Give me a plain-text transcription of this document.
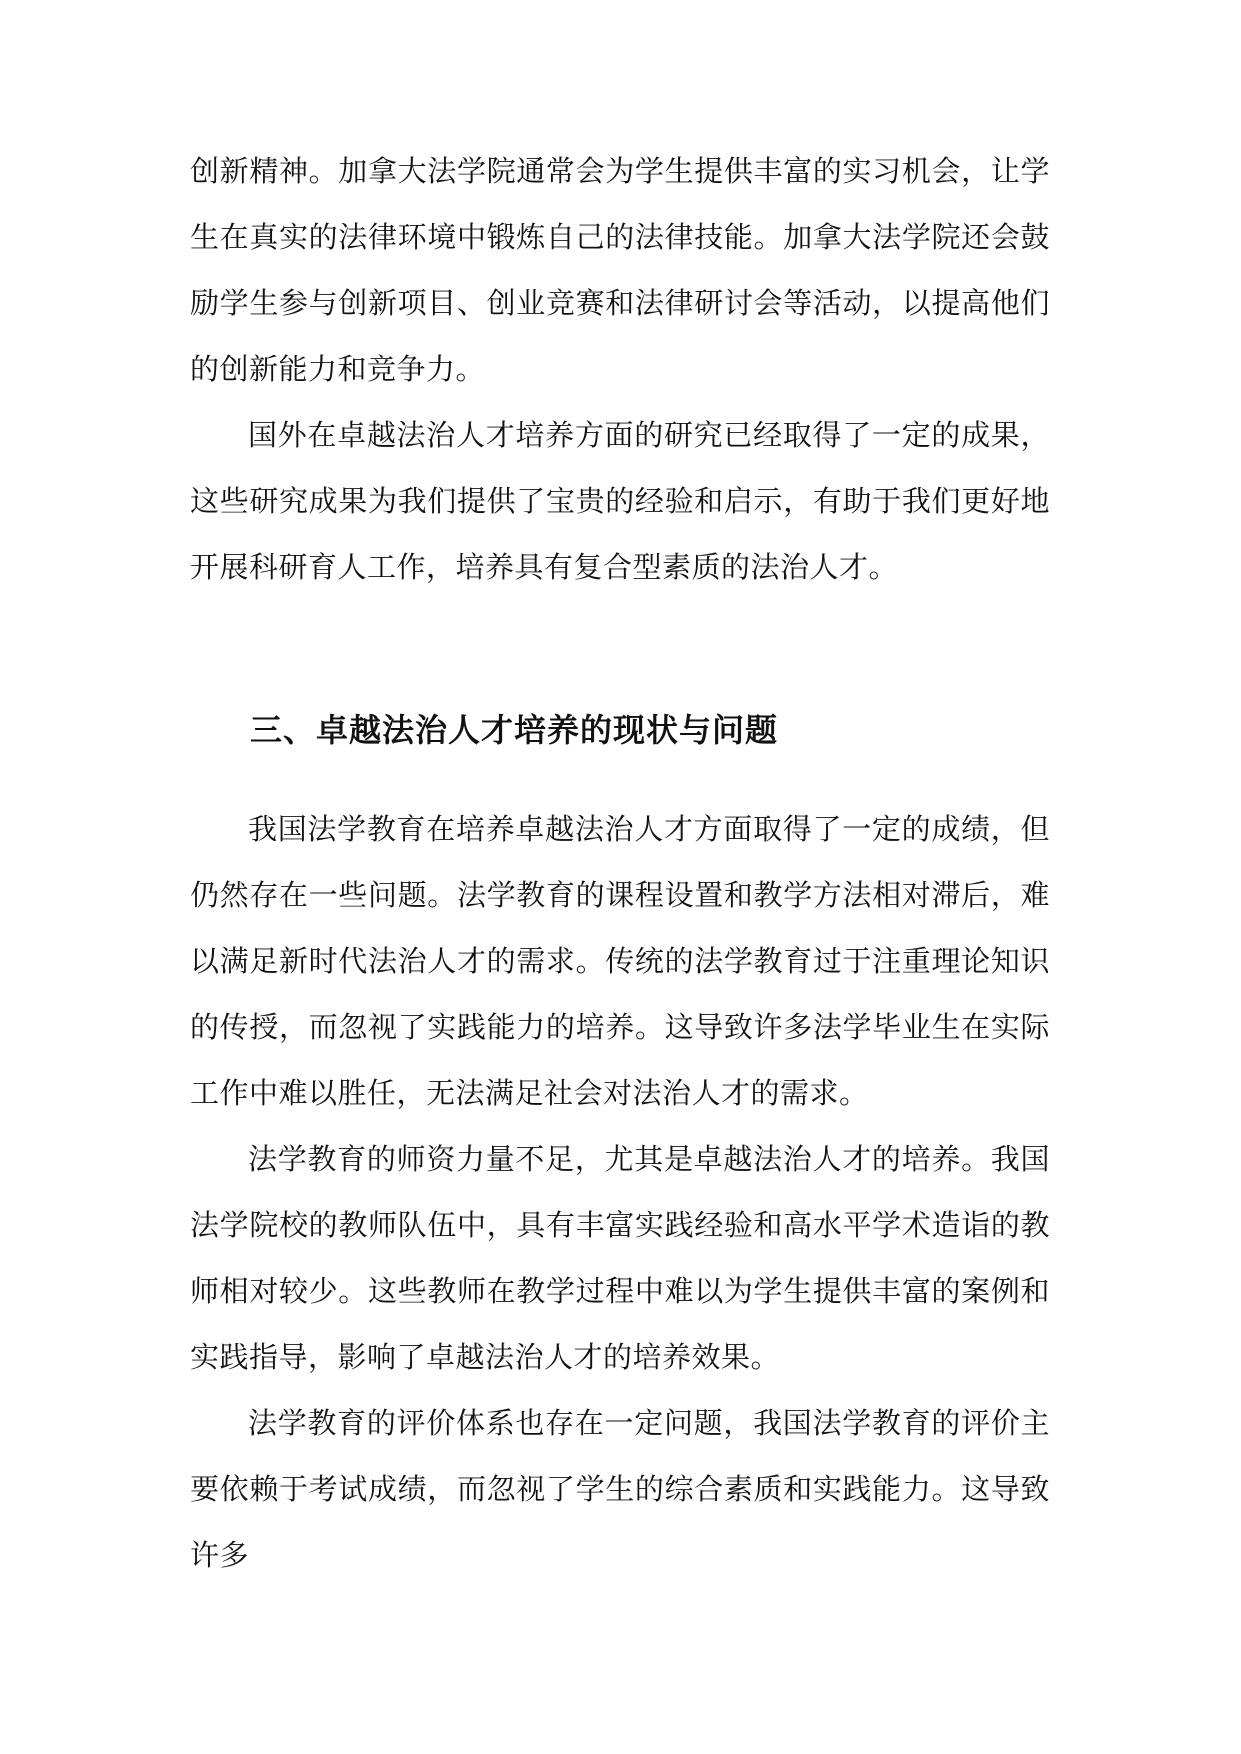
创新精神。加拿大法学院通常会为学生提供丰富的实习机会，让学生在真实的法律环境中锻炼自己的法律技能。加拿大法学院还会鼓励学生参与创新项目、创业竞赛和法律研讨会等活动，以提高他们的创新能力和竞争力。

国外在卓越法治人才培养方面的研究已经取得了一定的成果，这些研究成果为我们提供了宝贵的经验和启示，有助于我们更好地开展科研育人工作，培养具有复合型素质的法治人才。

三、卓越法治人才培养的现状与问题

我国法学教育在培养卓越法治人才方面取得了一定的成绩，但仍然存在一些问题。法学教育的课程设置和教学方法相对滞后，难以满足新时代法治人才的需求。传统的法学教育过于注重理论知识的传授，而忽视了实践能力的培养。这导致许多法学毕业生在实际工作中难以胜任，无法满足社会对法治人才的需求。

法学教育的师资力量不足，尤其是卓越法治人才的培养。我国法学院校的教师队伍中，具有丰富实践经验和高水平学术造诣的教师相对较少。这些教师在教学过程中难以为学生提供丰富的案例和实践指导，影响了卓越法治人才的培养效果。

法学教育的评价体系也存在一定问题，我国法学教育的评价主要依赖于考试成绩，而忽视了学生的综合素质和实践能力。这导致许多
